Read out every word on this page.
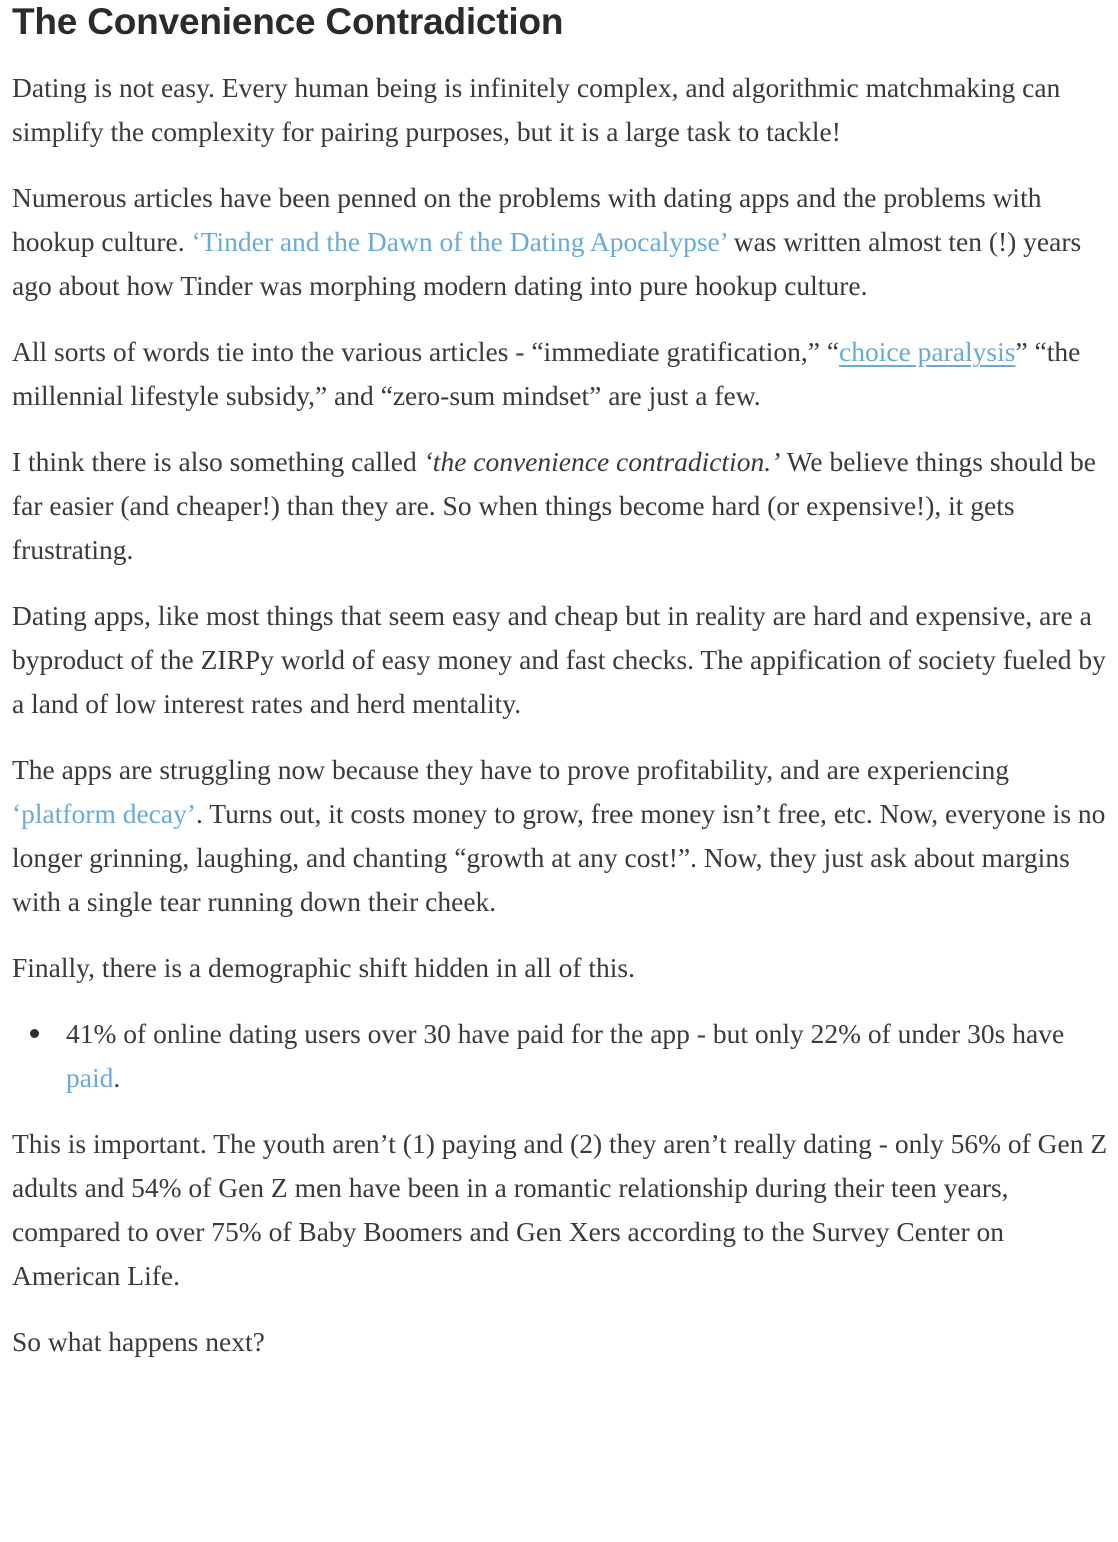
The Convenience Contradiction

Dating is not easy. Every human being is infinitely complex, and algorithmic matchmaking can simplify the complexity for pairing purposes, but it is a large task to tackle!

Numerous articles have been penned on the problems with dating apps and the problems with hookup culture. ‘Tinder and the Dawn of the Dating Apocalypse’ was written almost ten (!) years ago about how Tinder was morphing modern dating into pure hookup culture.

All sorts of words tie into the various articles - “immediate gratification,” “choice paralysis” “the millennial lifestyle subsidy,” and “zero-sum mindset” are just a few.

I think there is also something called ‘the convenience contradiction.’ We believe things should be far easier (and cheaper!) than they are. So when things become hard (or expensive!), it gets frustrating.

Dating apps, like most things that seem easy and cheap but in reality are hard and expensive, are a byproduct of the ZIRPy world of easy money and fast checks. The appification of society fueled by a land of low interest rates and herd mentality.

The apps are struggling now because they have to prove profitability, and are experiencing ‘platform decay’. Turns out, it costs money to grow, free money isn’t free, etc. Now, everyone is no longer grinning, laughing, and chanting “growth at any cost!”. Now, they just ask about margins with a single tear running down their cheek.

Finally, there is a demographic shift hidden in all of this.

41% of online dating users over 30 have paid for the app - but only 22% of under 30s have paid.

This is important. The youth aren’t (1) paying and (2) they aren’t really dating - only 56% of Gen Z adults and 54% of Gen Z men have been in a romantic relationship during their teen years, compared to over 75% of Baby Boomers and Gen Xers according to the Survey Center on American Life.

So what happens next?
